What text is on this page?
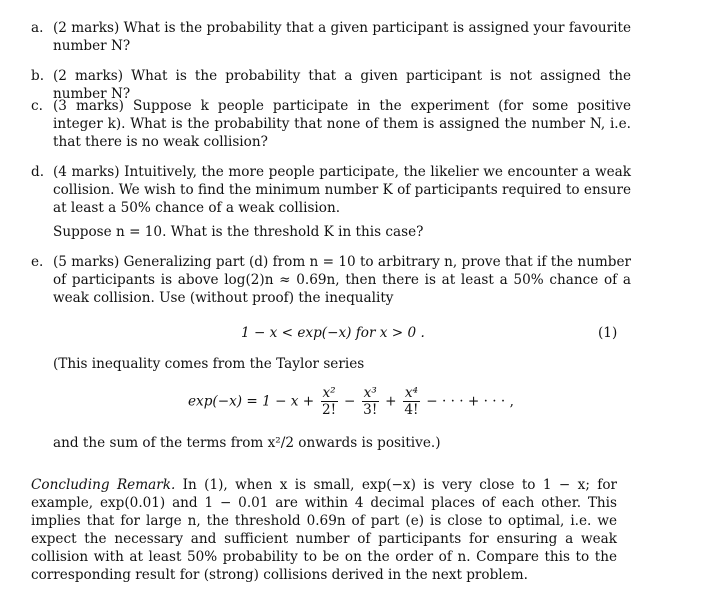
a. (2 marks) What is the probability that a given participant is assigned your favourite number N?
b. (2 marks) What is the probability that a given participant is not assigned the number N?
c. (3 marks) Suppose k people participate in the experiment (for some positive integer k). What is the probability that none of them is assigned the number N, i.e. that there is no weak collision?
d. (4 marks) Intuitively, the more people participate, the likelier we encounter a weak collision. We wish to find the minimum number K of participants required to ensure at least a 50% chance of a weak collision.
Suppose n = 10. What is the threshold K in this case?
e. (5 marks) Generalizing part (d) from n = 10 to arbitrary n, prove that if the number of participants is above log(2)n ≈ 0.69n, then there is at least a 50% chance of a weak collision. Use (without proof) the inequality
1 − x < exp(−x) for x > 0 .	(1)
(This inequality comes from the Taylor series
$\exp(-x) = 1 - x + \frac{\text{x²}}{2!} - \frac{\text{x³}}{3!} + \frac{\text{x⁴}}{4!}$ − · · · + · · · ,
and the sum of the terms from x²/2 onwards is positive.)
Concluding Remark. In (1), when x is small, exp(−x) is very close to 1 − x; for example, exp(0.01) and 1 − 0.01 are within 4 decimal places of each other. This implies that for large n, the threshold 0.69n of part (e) is close to optimal, i.e. we expect the necessary and sufficient number of participants for ensuring a weak collision with at least 50% probability to be on the order of n. Compare this to the corresponding result for (strong) collisions derived in the next problem.
